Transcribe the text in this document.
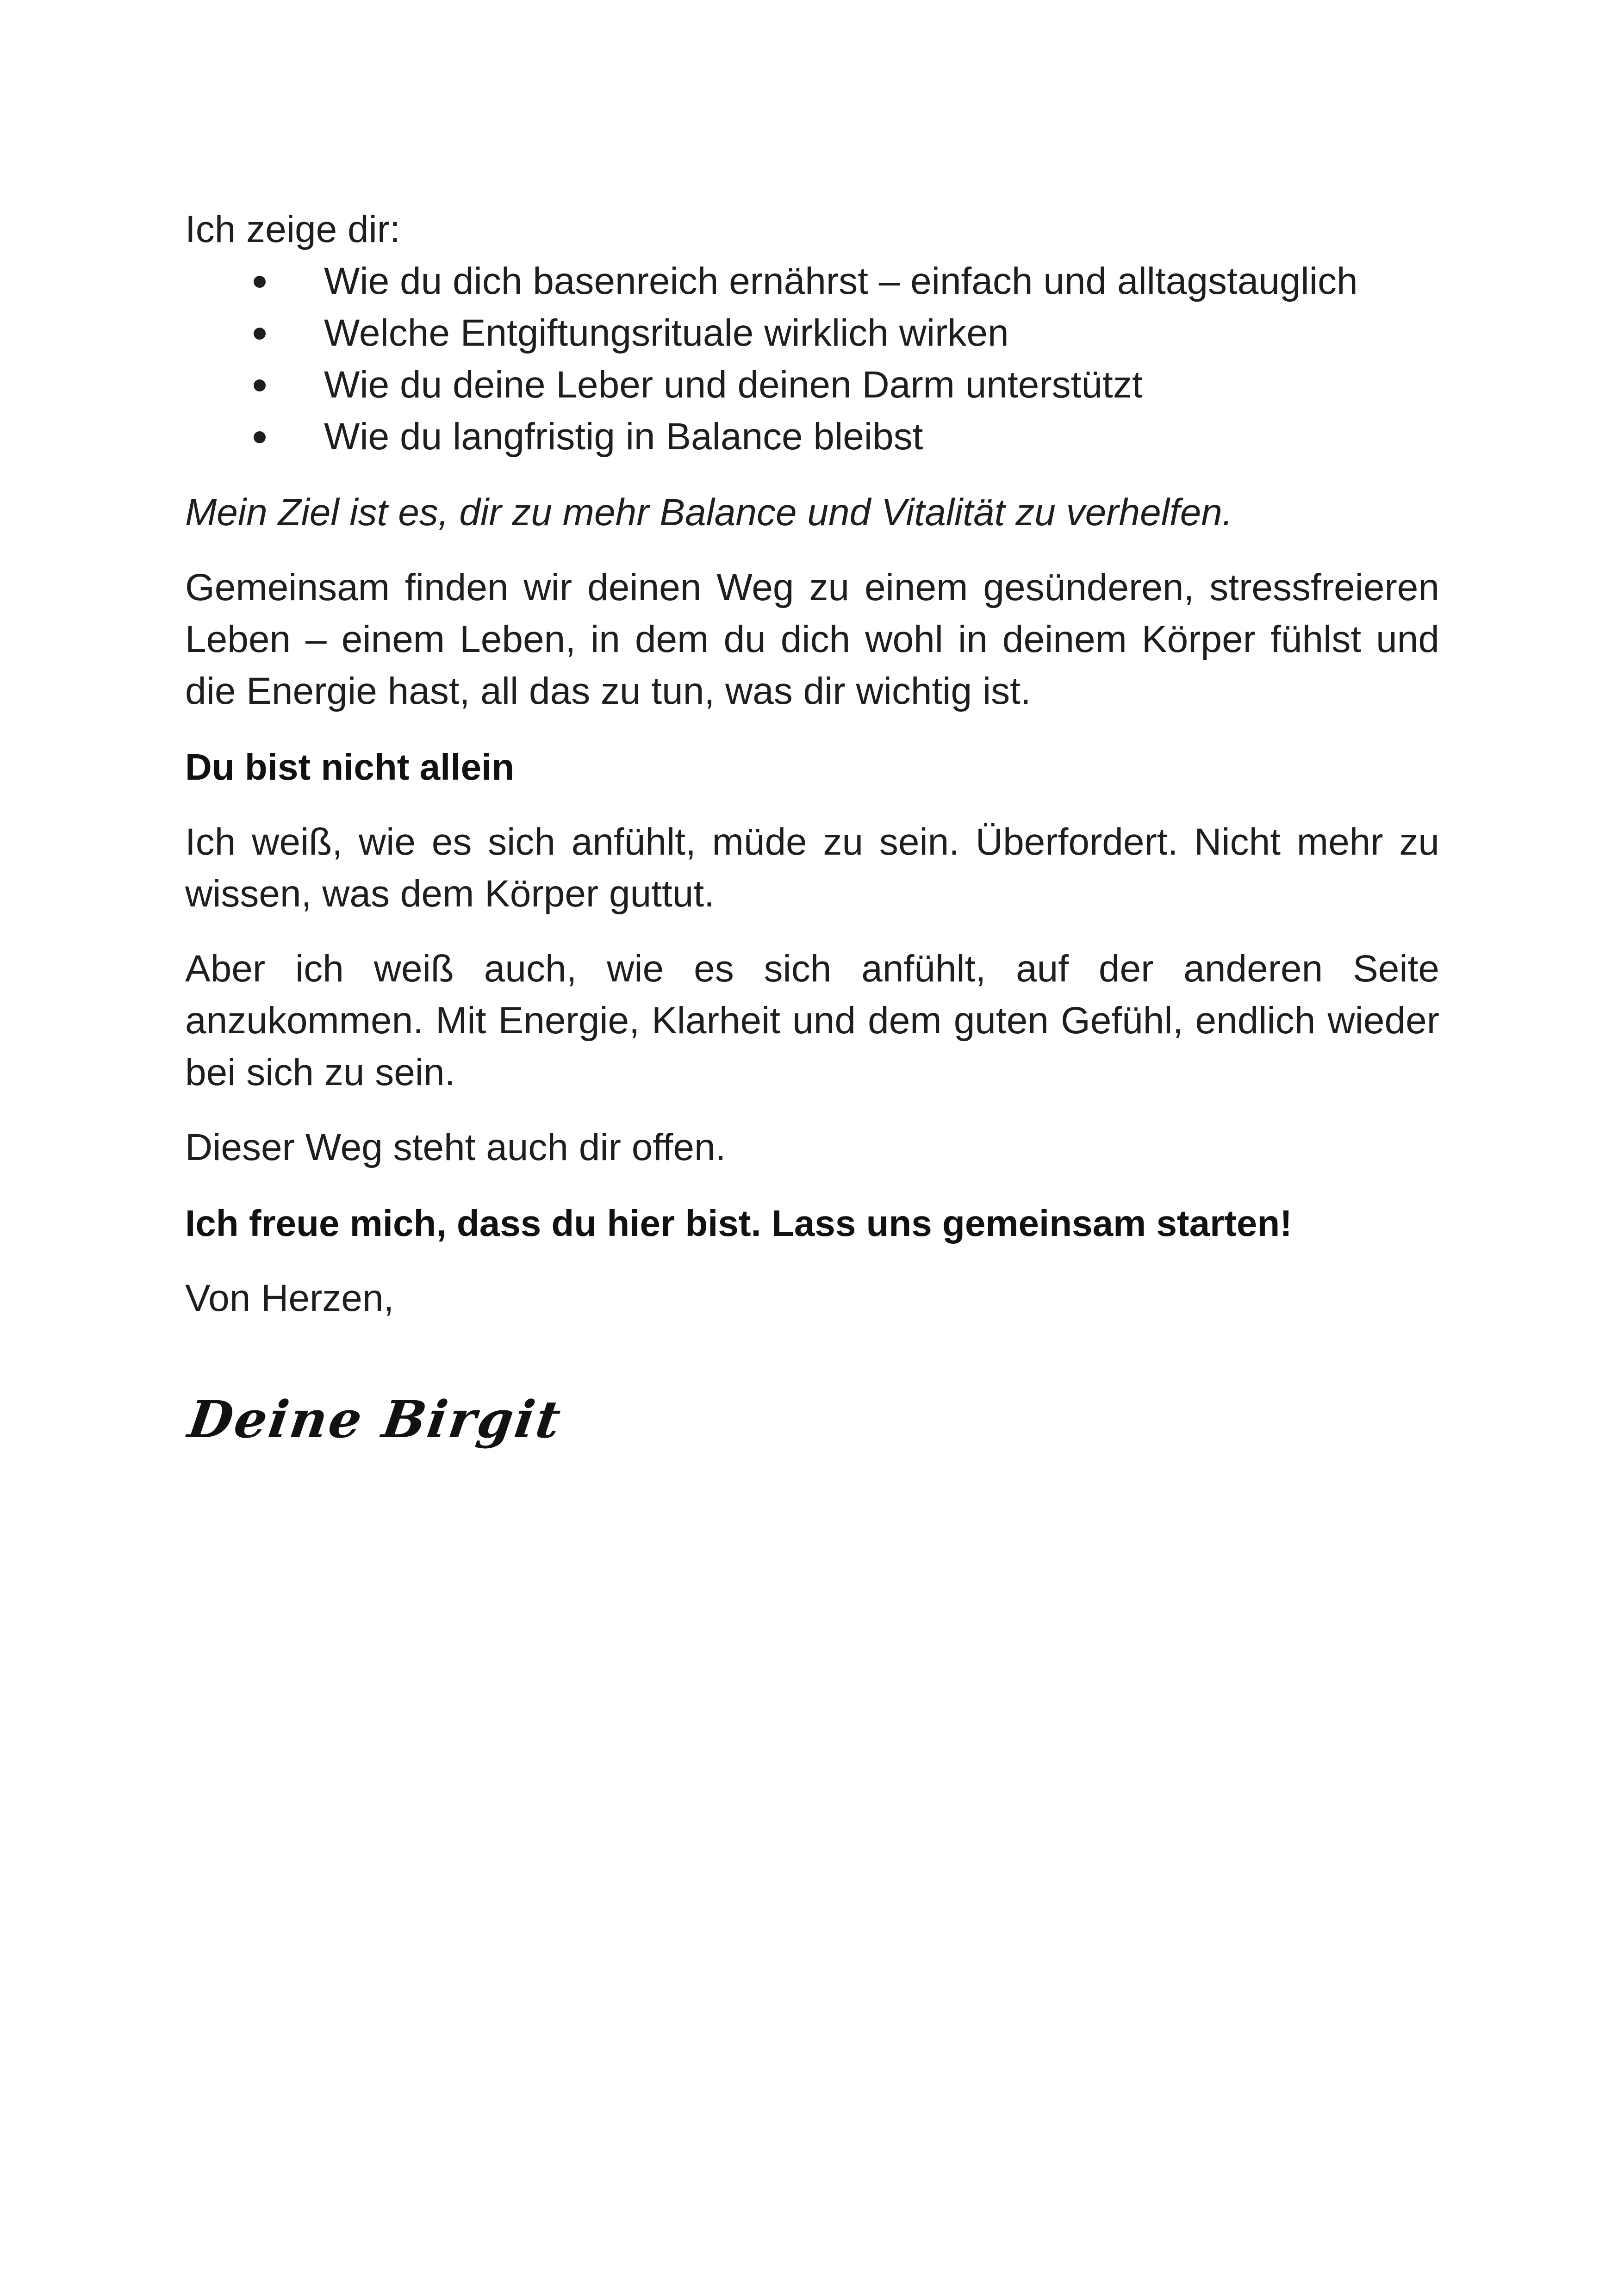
Ich zeige dir:

Wie du dich basenreich ernährst – einfach und alltagstauglich
Welche Entgiftungsrituale wirklich wirken
Wie du deine Leber und deinen Darm unterstützt
Wie du langfristig in Balance bleibst

Mein Ziel ist es, dir zu mehr Balance und Vitalität zu verhelfen.

Gemeinsam finden wir deinen Weg zu einem gesünderen, stressfreieren Leben – einem Leben, in dem du dich wohl in deinem Körper fühlst und die Energie hast, all das zu tun, was dir wichtig ist.

Du bist nicht allein

Ich weiß, wie es sich anfühlt, müde zu sein. Überfordert. Nicht mehr zu wissen, was dem Körper guttut.

Aber ich weiß auch, wie es sich anfühlt, auf der anderen Seite anzukommen. Mit Energie, Klarheit und dem guten Gefühl, endlich wieder bei sich zu sein.

Dieser Weg steht auch dir offen.

Ich freue mich, dass du hier bist. Lass uns gemeinsam starten!

Von Herzen,

Deine Birgit
